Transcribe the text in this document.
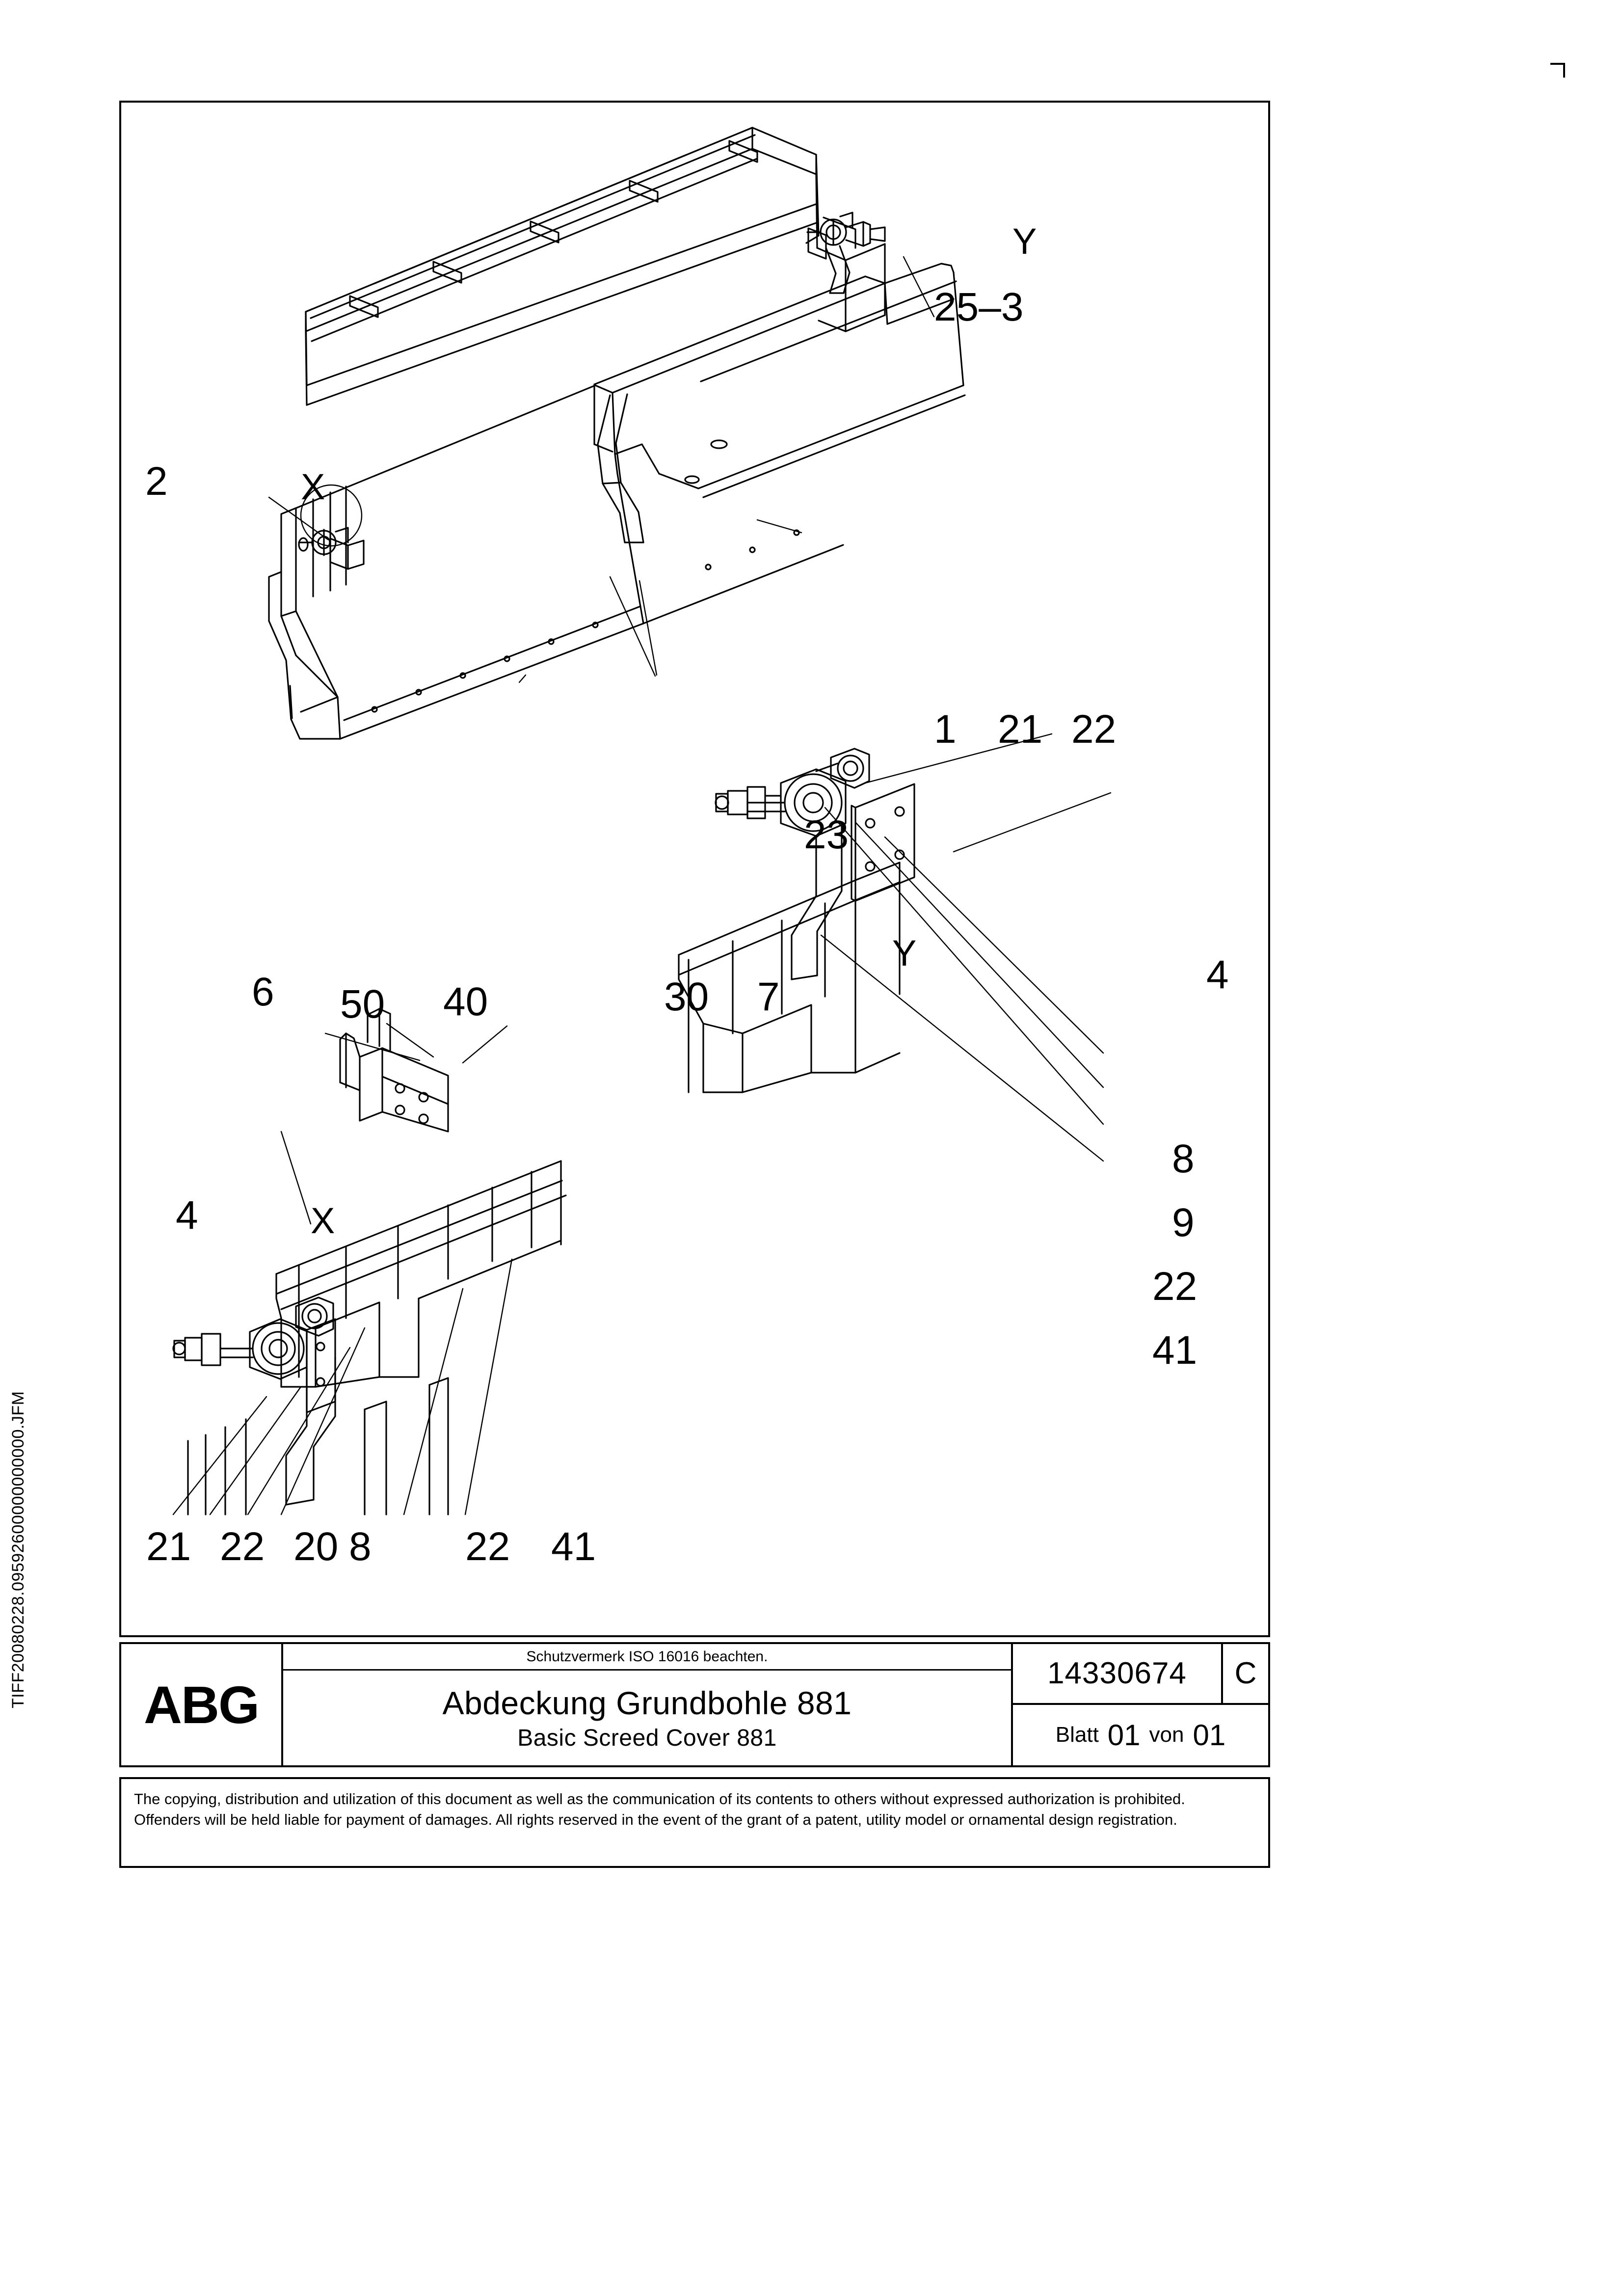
TIFF20080228.09592600000000000.JFM
25–3
2	X
1 21 22
23
6 50 40	30 7
Y	4
8
9
22
41
4	X
21 22 20 8 22 41
Y
ABG
Schutzvermerk ISO 16016 beachten.
Abdeckung Grundbohle 881
Basic Screed Cover 881
14330674	C
Blatt 01 von 01
The copying, distribution and utilization of this document as well as the communication of its contents to others without expressed authorization is prohibited. Offenders will be held liable for payment of damages. All rights reserved in the event of the grant of a patent, utility model or ornamental design registration.
